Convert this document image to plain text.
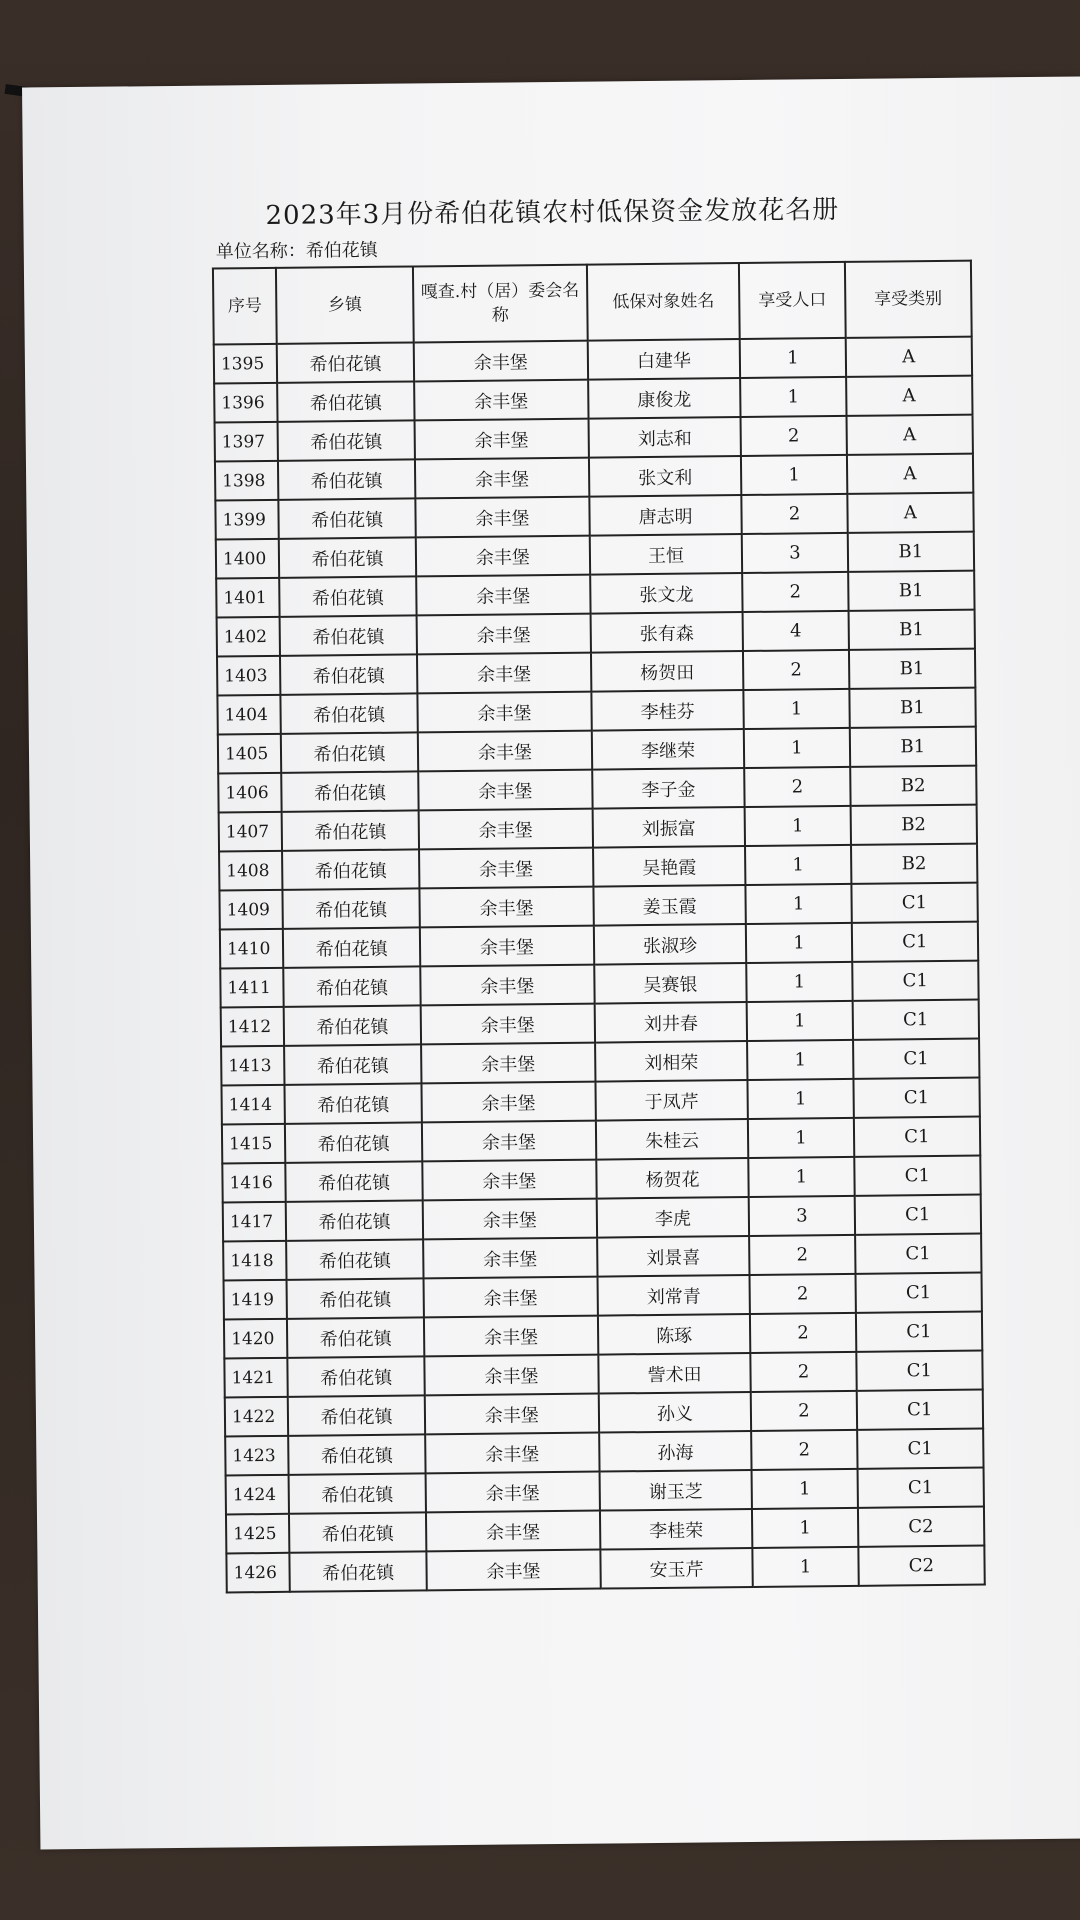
2023年3月份希伯花镇农村低保资金发放花名册
单位名称：希伯花镇
序号	乡镇	嘎查.村（居）委会名称	低保对象姓名	享受人口	享受类别
1395	希伯花镇	余丰堡	白建华	1	A
1396	希伯花镇	余丰堡	康俊龙	1	A
1397	希伯花镇	余丰堡	刘志和	2	A
1398	希伯花镇	余丰堡	张文利	1	A
1399	希伯花镇	余丰堡	唐志明	2	A
1400	希伯花镇	余丰堡	王恒	3	B1
1401	希伯花镇	余丰堡	张文龙	2	B1
1402	希伯花镇	余丰堡	张有森	4	B1
1403	希伯花镇	余丰堡	杨贺田	2	B1
1404	希伯花镇	余丰堡	李桂芬	1	B1
1405	希伯花镇	余丰堡	李继荣	1	B1
1406	希伯花镇	余丰堡	李子金	2	B2
1407	希伯花镇	余丰堡	刘振富	1	B2
1408	希伯花镇	余丰堡	吴艳霞	1	B2
1409	希伯花镇	余丰堡	姜玉霞	1	C1
1410	希伯花镇	余丰堡	张淑珍	1	C1
1411	希伯花镇	余丰堡	吴赛银	1	C1
1412	希伯花镇	余丰堡	刘井春	1	C1
1413	希伯花镇	余丰堡	刘相荣	1	C1
1414	希伯花镇	余丰堡	于凤芹	1	C1
1415	希伯花镇	余丰堡	朱桂云	1	C1
1416	希伯花镇	余丰堡	杨贺花	1	C1
1417	希伯花镇	余丰堡	李虎	3	C1
1418	希伯花镇	余丰堡	刘景喜	2	C1
1419	希伯花镇	余丰堡	刘常青	2	C1
1420	希伯花镇	余丰堡	陈琢	2	C1
1421	希伯花镇	余丰堡	訾术田	2	C1
1422	希伯花镇	余丰堡	孙义	2	C1
1423	希伯花镇	余丰堡	孙海	2	C1
1424	希伯花镇	余丰堡	谢玉芝	1	C1
1425	希伯花镇	余丰堡	李桂荣	1	C2
1426	希伯花镇	余丰堡	安玉芹	1	C2
